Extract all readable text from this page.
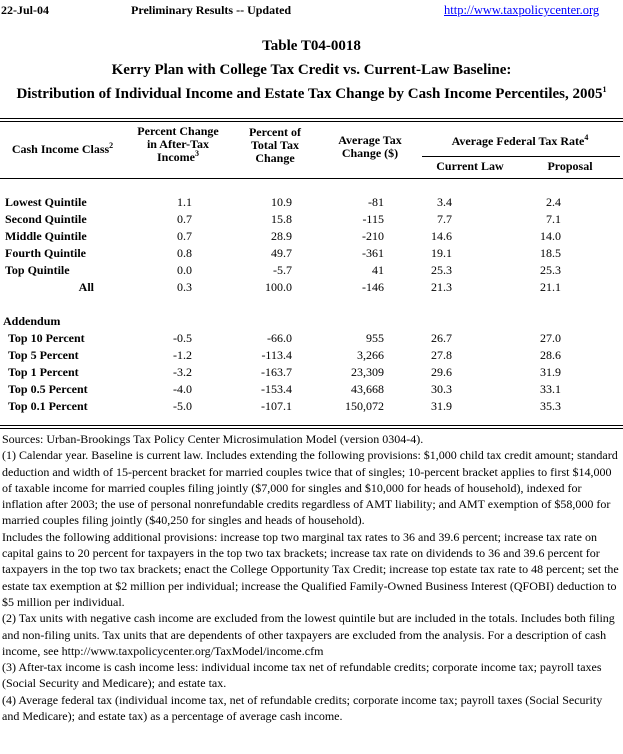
22-Jul-04	Preliminary Results -- Updated	http://www.taxpolicycenter.org
Table T04-0018
Kerry Plan with College Tax Credit vs. Current-Law Baseline:
Distribution of Individual Income and Estate Tax Change by Cash Income Percentiles, 2005$^1$
Cash Income Class$^2$
Percent Change
in After-Tax
Income$^3$
Percent of
Total Tax
Change
Average Tax
Change ($)
Average Federal Tax Rate$^4$
Current Law	Proposal
Lowest Quintile	1.1	10.9	-81	3.4	2.4
Second Quintile	0.7	15.8	-115	7.7	7.1
Middle Quintile	0.7	28.9	-210	14.6	14.0
Fourth Quintile	0.8	49.7	-361	19.1	18.5
Top Quintile	0.0	-5.7	41	25.3	25.3
All	0.3	100.0	-146	21.3	21.1
Addendum
Top 10 Percent	-0.5	-66.0	955	26.7	27.0
Top 5 Percent	-1.2	-113.4	3,266	27.8	28.6
Top 1 Percent	-3.2	-163.7	23,309	29.6	31.9
Top 0.5 Percent	-4.0	-153.4	43,668	30.3	33.1
Top 0.1 Percent	-5.0	-107.1	150,072	31.9	35.3

Sources: Urban-Brookings Tax Policy Center Microsimulation Model (version 0304-4).

(1) Calendar year. Baseline is current law. Includes extending the following provisions: $1,000 child tax credit amount; standard deduction and width of 15-percent bracket for married couples twice that of singles; 10-percent bracket applies to first $14,000 of taxable income for married couples filing jointly ($7,000 for singles and $10,000 for heads of household), indexed for inflation after 2003; the use of personal nonrefundable credits regardless of AMT liability; and AMT exemption of $58,000 for married couples filing jointly ($40,250 for singles and heads of household).

Includes the following additional provisions: increase top two marginal tax rates to 36 and 39.6 percent; increase tax rate on capital gains to 20 percent for taxpayers in the top two tax brackets; increase tax rate on dividends to 36 and 39.6 percent for taxpayers in the top two tax brackets; enact the College Opportunity Tax Credit; increase top estate tax rate to 48 percent; set the estate tax exemption at $2 million per individual; increase the Qualified Family-Owned Business Interest (QFOBI) deduction to $5 million per individual.

(2) Tax units with negative cash income are excluded from the lowest quintile but are included in the totals. Includes both filing and non-filing units. Tax units that are dependents of other taxpayers are excluded from the analysis. For a description of cash income, see http://www.taxpolicycenter.org/TaxModel/income.cfm

(3) After-tax income is cash income less: individual income tax net of refundable credits; corporate income tax; payroll taxes (Social Security and Medicare); and estate tax.

(4) Average federal tax (individual income tax, net of refundable credits; corporate income tax; payroll taxes (Social Security and Medicare); and estate tax) as a percentage of average cash income.
